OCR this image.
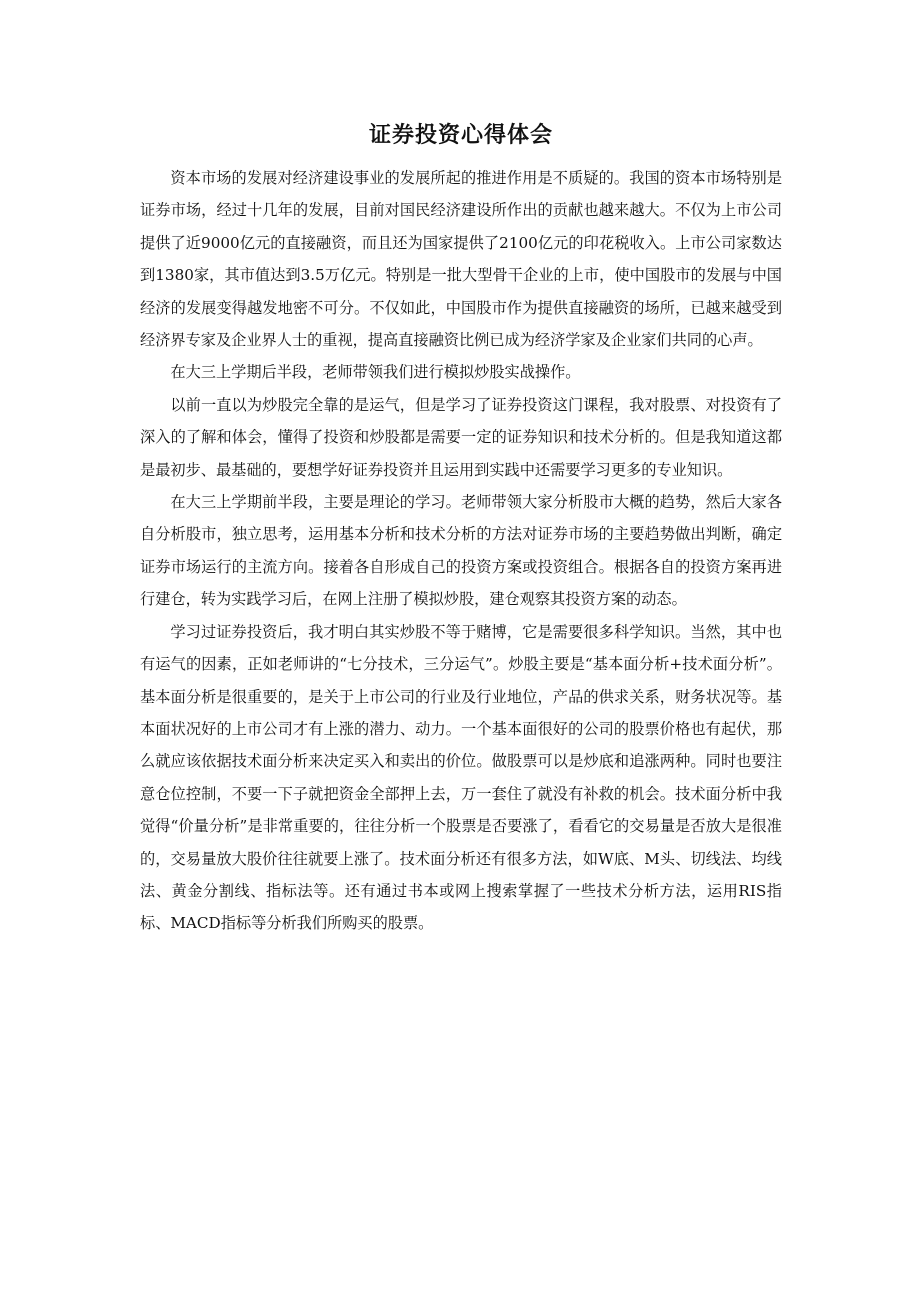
证券投资心得体会

资本市场的发展对经济建设事业的发展所起的推进作用是不质疑的。我国的资本市场特别是证券市场，经过十几年的发展，目前对国民经济建设所作出的贡献也越来越大。不仅为上市公司提供了近9000亿元的直接融资，而且还为国家提供了2100亿元的印花税收入。上市公司家数达到1380家，其市值达到3.5万亿元。特别是一批大型骨干企业的上市，使中国股市的发展与中国经济的发展变得越发地密不可分。不仅如此，中国股市作为提供直接融资的场所，已越来越受到经济界专家及企业界人士的重视，提高直接融资比例已成为经济学家及企业家们共同的心声。

在大三上学期后半段，老师带领我们进行模拟炒股实战操作。

以前一直以为炒股完全靠的是运气，但是学习了证券投资这门课程，我对股票、对投资有了深入的了解和体会，懂得了投资和炒股都是需要一定的证券知识和技术分析的。但是我知道这都是最初步、最基础的，要想学好证券投资并且运用到实践中还需要学习更多的专业知识。

在大三上学期前半段，主要是理论的学习。老师带领大家分析股市大概的趋势，然后大家各自分析股市，独立思考，运用基本分析和技术分析的方法对证券市场的主要趋势做出判断，确定证券市场运行的主流方向。接着各自形成自己的投资方案或投资组合。根据各自的投资方案再进行建仓，转为实践学习后，在网上注册了模拟炒股，建仓观察其投资方案的动态。

学习过证券投资后，我才明白其实炒股不等于赌博，它是需要很多科学知识。当然，其中也有运气的因素，正如老师讲的“七分技术，三分运气”。炒股主要是“基本面分析+技术面分析”。基本面分析是很重要的，是关于上市公司的行业及行业地位，产品的供求关系，财务状况等。基本面状况好的上市公司才有上涨的潜力、动力。一个基本面很好的公司的股票价格也有起伏，那么就应该依据技术面分析来决定买入和卖出的价位。做股票可以是炒底和追涨两种。同时也要注意仓位控制，不要一下子就把资金全部押上去，万一套住了就没有补救的机会。技术面分析中我觉得“价量分析”是非常重要的，往往分析一个股票是否要涨了，看看它的交易量是否放大是很准的，交易量放大股价往往就要上涨了。技术面分析还有很多方法，如W底、M头、切线法、均线法、黄金分割线、指标法等。还有通过书本或网上搜索掌握了一些技术分析方法，运用RIS指标、MACD指标等分析我们所购买的股票。
